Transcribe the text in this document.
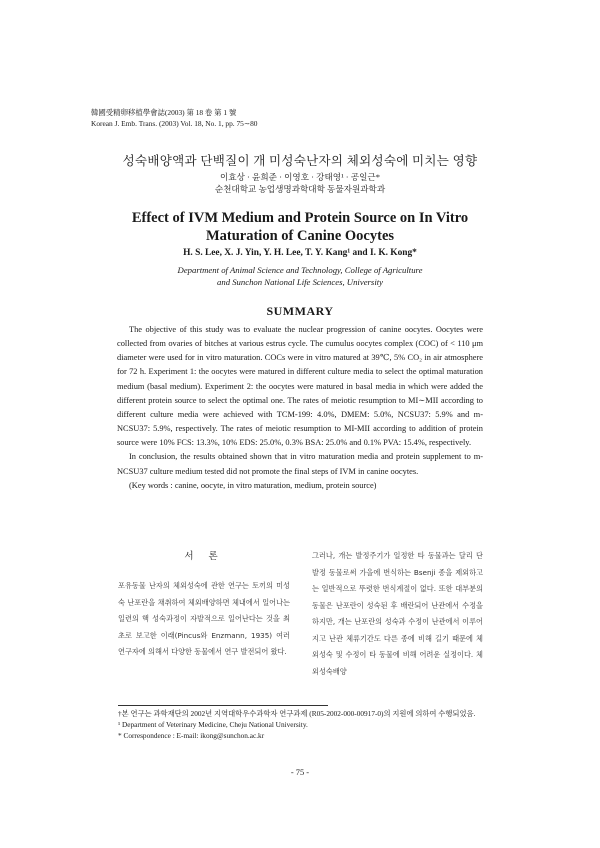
韓國受精卵移植學會誌(2003) 第 18 卷 第 1 號
Korean J. Emb. Trans. (2003) Vol. 18, No. 1, pp. 75∼80
성숙배양액과 단백질이 개 미성숙난자의 체외성숙에 미치는 영향
이효상 · 윤희준 · 이영호 · 강태영¹ · 공일근*
순천대학교 농업생명과학대학 동물자원과학과
Effect of IVM Medium and Protein Source on In Vitro
Maturation of Canine Oocytes
H. S. Lee, X. J. Yin, Y. H. Lee, T. Y. Kang¹ and I. K. Kong*
Department of Animal Science and Technology, College of Agriculture
and Sunchon National Life Sciences, University
SUMMARY

The objective of this study was to evaluate the nuclear progression of canine oocytes. Oocytes were collected from ovaries of bitches at various estrus cycle. The cumulus oocytes complex (COC) of < 110 μm diameter were used for in vitro maturation. COCs were in vitro matured at 39℃, 5% CO₂ in air atmosphere for 72 h. Experiment 1: the oocytes were matured in different culture media to select the optimal maturation medium (basal medium). Experiment 2: the oocytes were matured in basal media in which were added the different protein source to select the optimal one. The rates of meiotic resumption to MI∼MII according to different culture media were achieved with TCM-199: 4.0%, DMEM: 5.0%, NCSU37: 5.9% and m-NCSU37: 5.9%, respectively. The rates of meiotic resumption to MI-MII according to addition of protein source were 10% FCS: 13.3%, 10% EDS: 25.0%, 0.3% BSA: 25.0% and 0.1% PVA: 15.4%, respectively.

In conclusion, the results obtained shown that in vitro maturation media and protein supplement to m-NCSU37 culture medium tested did not promote the final steps of IVM in canine oocytes.

(Key words : canine, oocyte, in vitro maturation, medium, protein source)

서 론
포유동물 난자의 체외성숙에 관한 연구는 토끼의 미성숙 난포란을 채취하여 체외배양하면 체내에서 일어나는 일련의 핵 성숙과정이 자발적으로 일어난다는 것을 최초로 보고한 이래(Pincus와 Enzmann, 1935) 여러 연구자에 의해서 다양한 동물에서 연구 발전되어 왔다.
그러나, 개는 발정주기가 일정한 타 동물과는 달리 단 발정 동물로써 가을에 번식하는 Bsenji 종을 제외하고는 일반적으로 뚜렷한 번식계절이 없다. 또한 대부분의 동물은 난포란이 성숙된 후 배란되어 난관에서 수정을 하지만, 개는 난포란의 성숙과 수정이 난관에서 이루어지고 난관 체류기간도 다른 종에 비해 길기 때문에 체외성숙 및 수정이 타 동물에 비해 어려운 실정이다. 체외성숙배양
†본 연구는 과학재단의 2002년 지역대학우수과학자 연구과제 (R05-2002-000-00917-0)의 지원에 의하여 수행되었음.
¹ Department of Veterinary Medicine, Cheju National University.
* Correspondence : E-mail: ikong@sunchon.ac.kr
- 75 -
